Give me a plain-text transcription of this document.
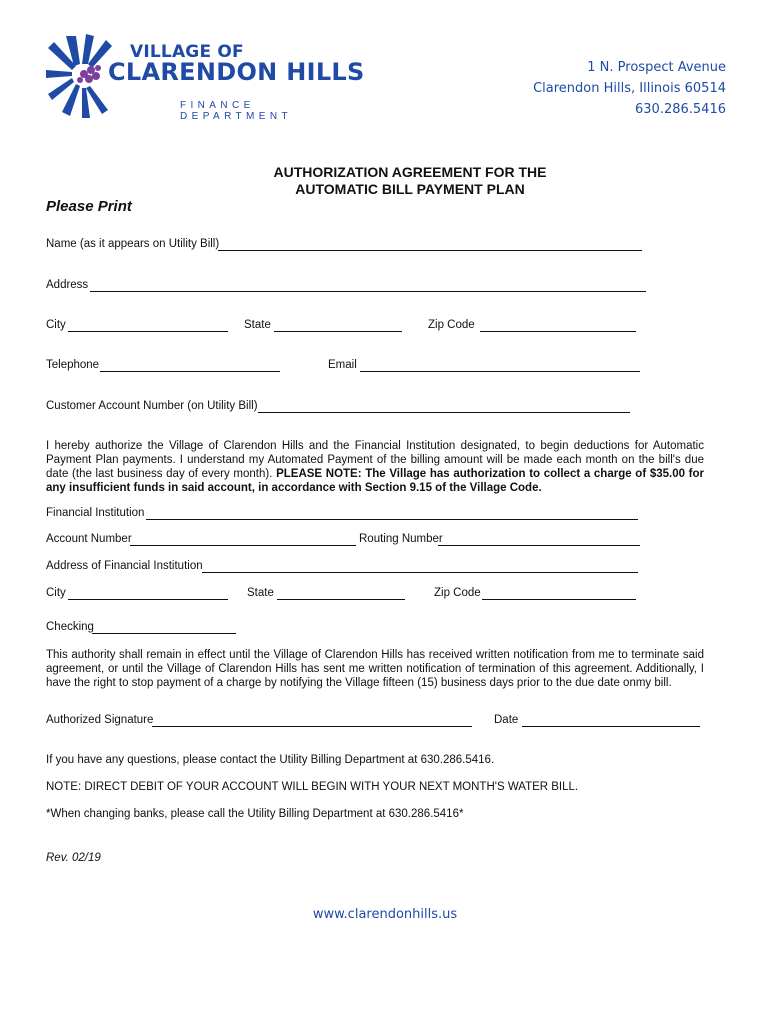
VILLAGE OF
CLARENDON HILLS
FINANCE DEPARTMENT
1 N. Prospect Avenue
Clarendon Hills, Illinois 60514
630.286.5416
AUTHORIZATION AGREEMENT FOR THE
AUTOMATIC BILL PAYMENT PLAN
Please Print
Name (as it appears on Utility Bill)
Address
City	State	Zip Code
Telephone	Email
Customer Account Number (on Utility Bill)
I hereby authorize the Village of Clarendon Hills and the Financial Institution designated, to begin deductions for Automatic Payment Plan payments. I understand my Automated Payment of the billing amount will be made each month on the bill's due date (the last business day of every month). PLEASE NOTE: The Village has authorization to collect a charge of $35.00 for any insufficient funds in said account, in accordance with Section 9.15 of the Village Code.
Financial Institution
Account Number	Routing Number
Address of Financial Institution
City	State	Zip Code
Checking
This authority shall remain in effect until the Village of Clarendon Hills has received written notification from me to terminate said agreement, or until the Village of Clarendon Hills has sent me written notification of termination of this agreement. Additionally, I have the right to stop payment of a charge by notifying the Village fifteen (15) business days prior to the due date onmy bill.
Authorized Signature	Date
If you have any questions, please contact the Utility Billing Department at 630.286.5416.
NOTE: DIRECT DEBIT OF YOUR ACCOUNT WILL BEGIN WITH YOUR NEXT MONTH'S WATER BILL.
*When changing banks, please call the Utility Billing Department at 630.286.5416*
Rev. 02/19
www.clarendonhills.us
